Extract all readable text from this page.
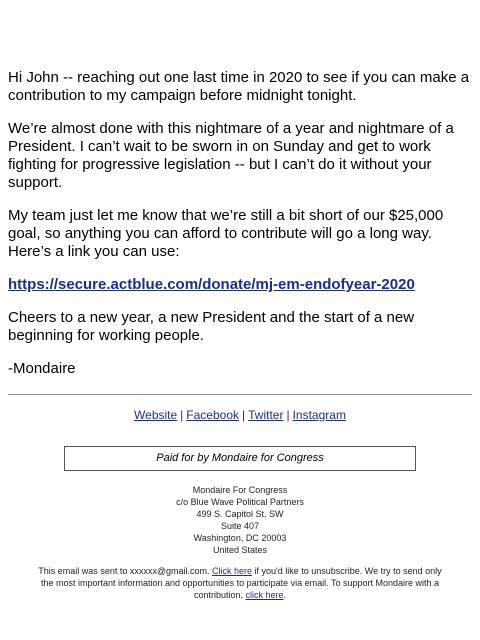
Hi John -- reaching out one last time in 2020 to see if you can make a contribution to my campaign before midnight tonight.

We’re almost done with this nightmare of a year and nightmare of a President. I can’t wait to be sworn in on Sunday and get to work fighting for progressive legislation -- but I can’t do it without your support.

My team just let me know that we’re still a bit short of our $25,000 goal, so anything you can afford to contribute will go a long way. Here’s a link you can use:

https://secure.actblue.com/donate/mj-em-endofyear-2020

Cheers to a new year, a new President and the start of a new beginning for working people.

-Mondaire

Website | Facebook | Twitter | Instagram
Paid for by Mondaire for Congress
Mondaire For Congress
c/o Blue Wave Political Partners
499 S. Capitol St. SW
Suite 407
Washington, DC 20003
United States
This email was sent to xxxxxx@gmail.com. Click here if you'd like to unsubscribe. We try to send only the most important information and opportunities to participate via email. To support Mondaire with a contribution, click here.
